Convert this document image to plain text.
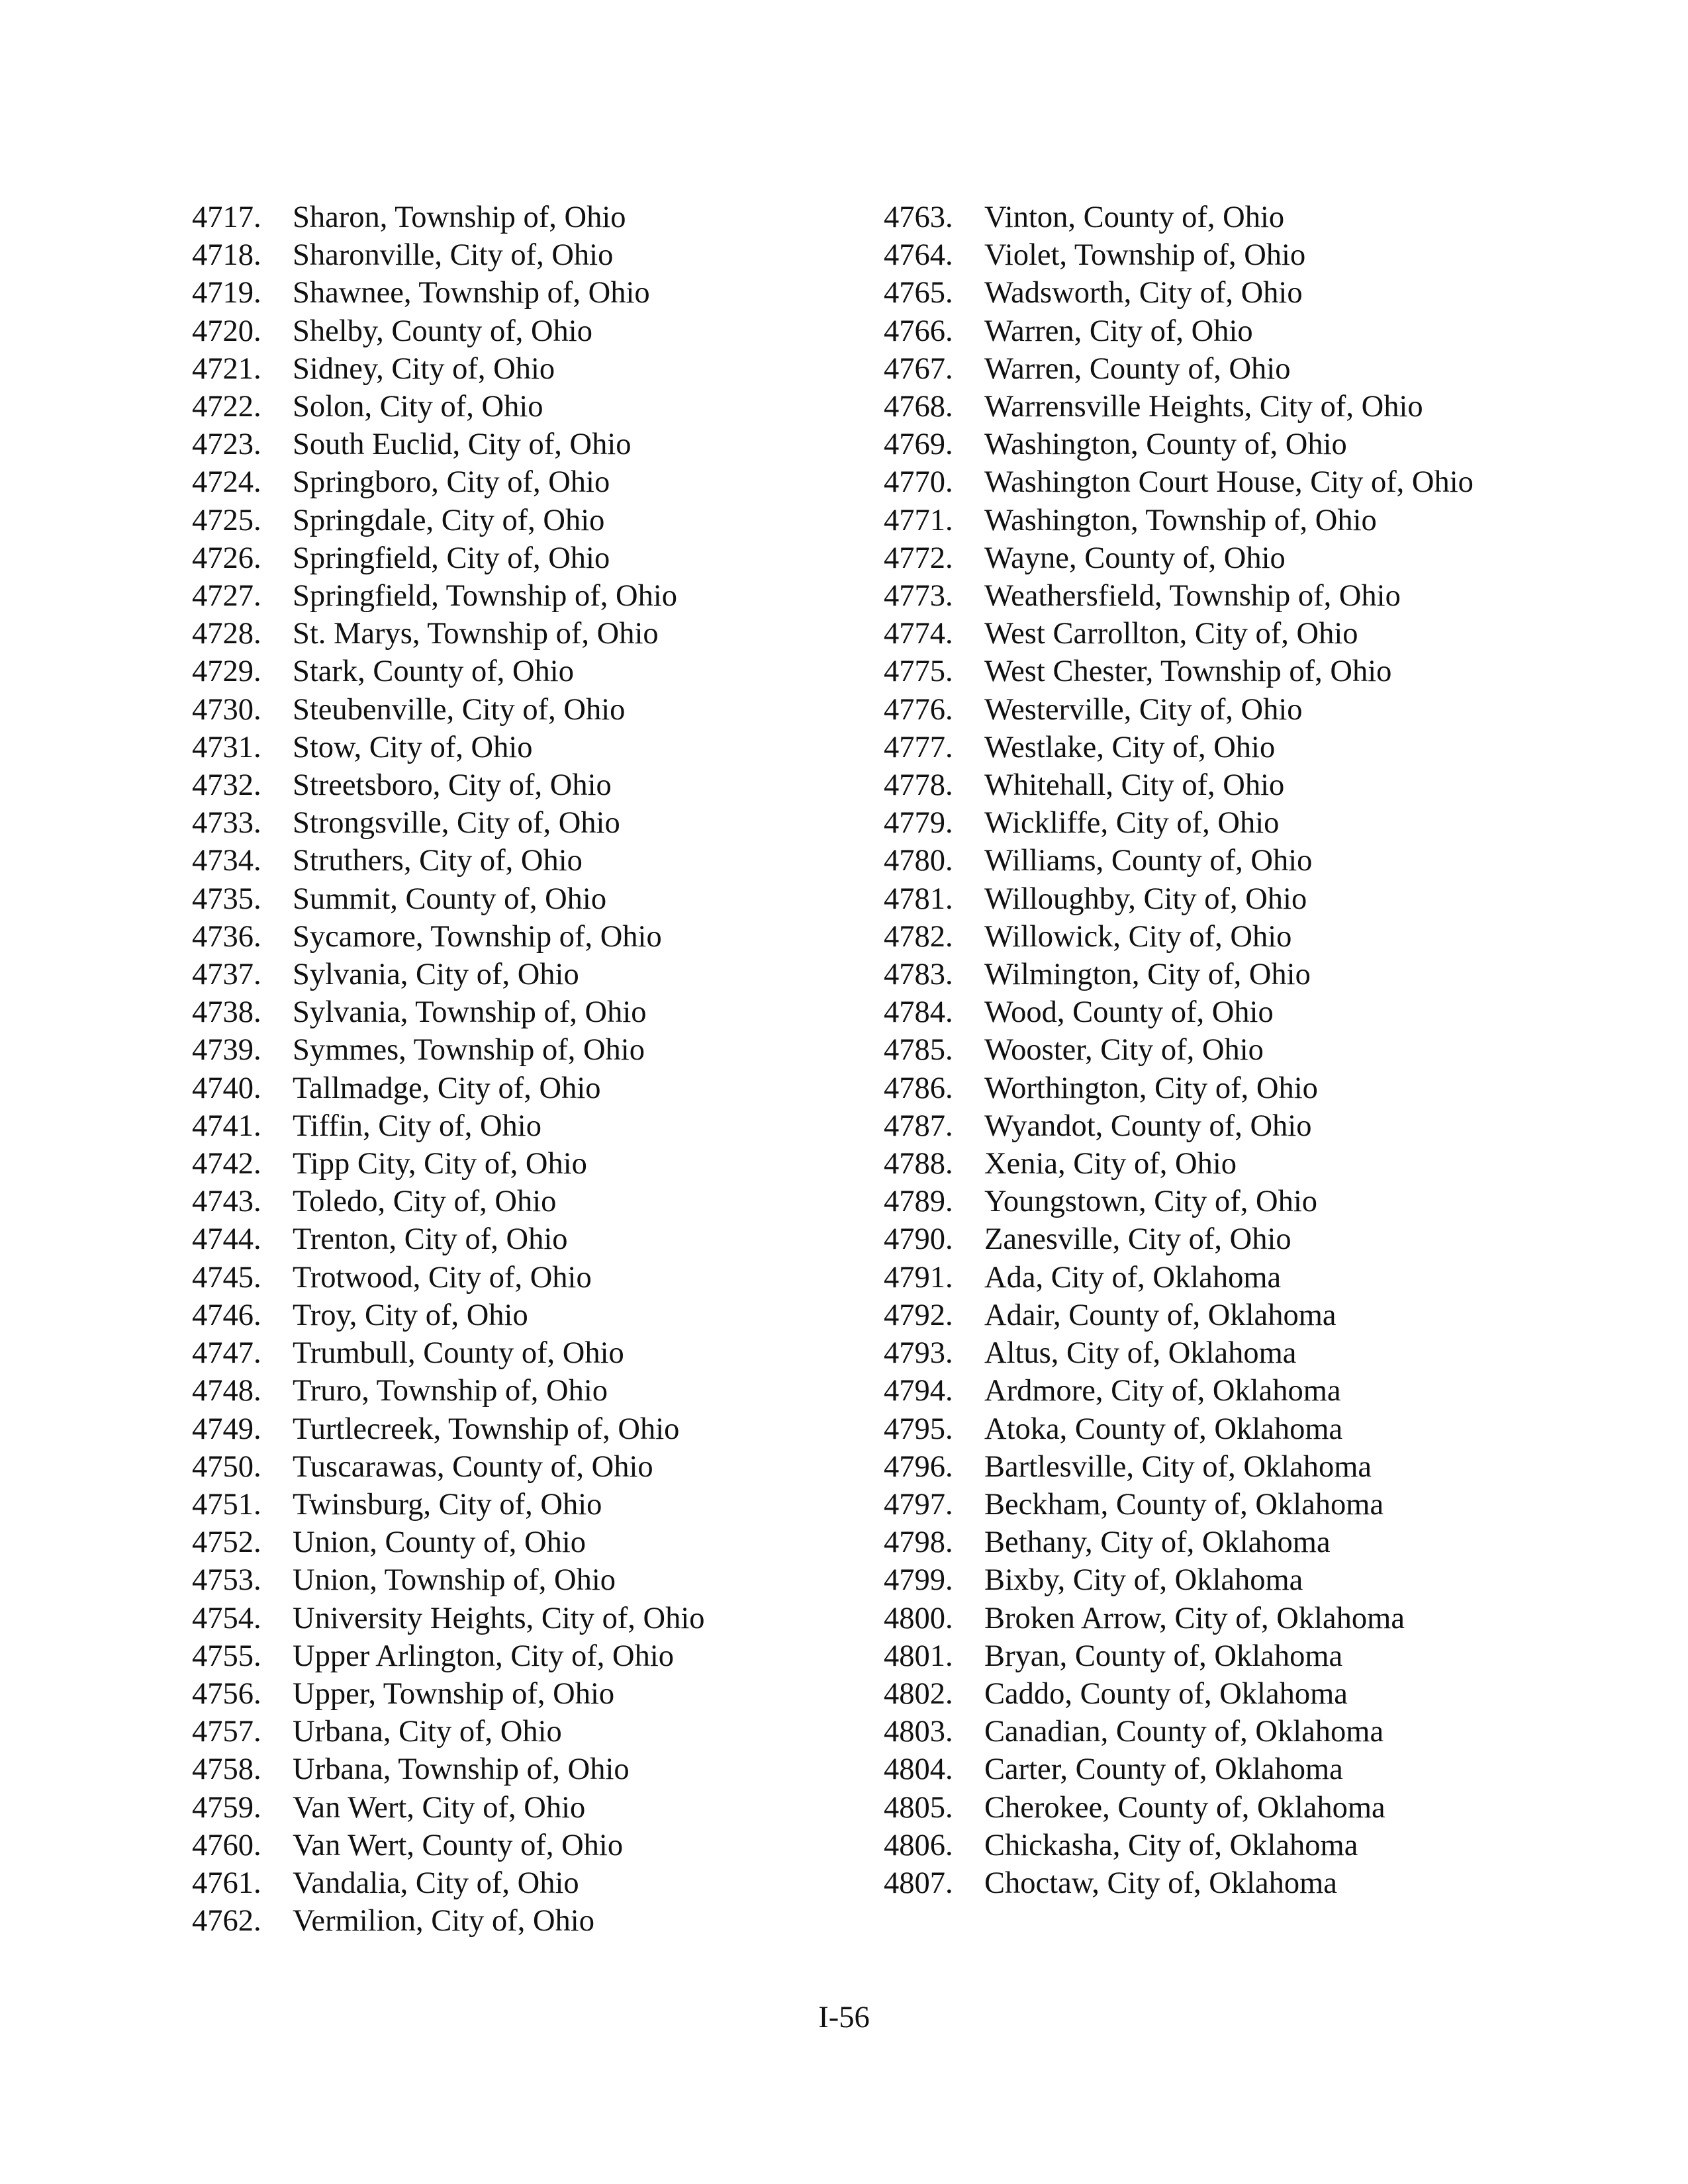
4717.	Sharon, Township of, Ohio
4718.	Sharonville, City of, Ohio
4719.	Shawnee, Township of, Ohio
4720.	Shelby, County of, Ohio
4721.	Sidney, City of, Ohio
4722.	Solon, City of, Ohio
4723.	South Euclid, City of, Ohio
4724.	Springboro, City of, Ohio
4725.	Springdale, City of, Ohio
4726.	Springfield, City of, Ohio
4727.	Springfield, Township of, Ohio
4728.	St. Marys, Township of, Ohio
4729.	Stark, County of, Ohio
4730.	Steubenville, City of, Ohio
4731.	Stow, City of, Ohio
4732.	Streetsboro, City of, Ohio
4733.	Strongsville, City of, Ohio
4734.	Struthers, City of, Ohio
4735.	Summit, County of, Ohio
4736.	Sycamore, Township of, Ohio
4737.	Sylvania, City of, Ohio
4738.	Sylvania, Township of, Ohio
4739.	Symmes, Township of, Ohio
4740.	Tallmadge, City of, Ohio
4741.	Tiffin, City of, Ohio
4742.	Tipp City, City of, Ohio
4743.	Toledo, City of, Ohio
4744.	Trenton, City of, Ohio
4745.	Trotwood, City of, Ohio
4746.	Troy, City of, Ohio
4747.	Trumbull, County of, Ohio
4748.	Truro, Township of, Ohio
4749.	Turtlecreek, Township of, Ohio
4750.	Tuscarawas, County of, Ohio
4751.	Twinsburg, City of, Ohio
4752.	Union, County of, Ohio
4753.	Union, Township of, Ohio
4754.	University Heights, City of, Ohio
4755.	Upper Arlington, City of, Ohio
4756.	Upper, Township of, Ohio
4757.	Urbana, City of, Ohio
4758.	Urbana, Township of, Ohio
4759.	Van Wert, City of, Ohio
4760.	Van Wert, County of, Ohio
4761.	Vandalia, City of, Ohio
4762.	Vermilion, City of, Ohio
4763.	Vinton, County of, Ohio
4764.	Violet, Township of, Ohio
4765.	Wadsworth, City of, Ohio
4766.	Warren, City of, Ohio
4767.	Warren, County of, Ohio
4768.	Warrensville Heights, City of, Ohio
4769.	Washington, County of, Ohio
4770.	Washington Court House, City of, Ohio
4771.	Washington, Township of, Ohio
4772.	Wayne, County of, Ohio
4773.	Weathersfield, Township of, Ohio
4774.	West Carrollton, City of, Ohio
4775.	West Chester, Township of, Ohio
4776.	Westerville, City of, Ohio
4777.	Westlake, City of, Ohio
4778.	Whitehall, City of, Ohio
4779.	Wickliffe, City of, Ohio
4780.	Williams, County of, Ohio
4781.	Willoughby, City of, Ohio
4782.	Willowick, City of, Ohio
4783.	Wilmington, City of, Ohio
4784.	Wood, County of, Ohio
4785.	Wooster, City of, Ohio
4786.	Worthington, City of, Ohio
4787.	Wyandot, County of, Ohio
4788.	Xenia, City of, Ohio
4789.	Youngstown, City of, Ohio
4790.	Zanesville, City of, Ohio
4791.	Ada, City of, Oklahoma
4792.	Adair, County of, Oklahoma
4793.	Altus, City of, Oklahoma
4794.	Ardmore, City of, Oklahoma
4795.	Atoka, County of, Oklahoma
4796.	Bartlesville, City of, Oklahoma
4797.	Beckham, County of, Oklahoma
4798.	Bethany, City of, Oklahoma
4799.	Bixby, City of, Oklahoma
4800.	Broken Arrow, City of, Oklahoma
4801.	Bryan, County of, Oklahoma
4802.	Caddo, County of, Oklahoma
4803.	Canadian, County of, Oklahoma
4804.	Carter, County of, Oklahoma
4805.	Cherokee, County of, Oklahoma
4806.	Chickasha, City of, Oklahoma
4807.	Choctaw, City of, Oklahoma
I-56
